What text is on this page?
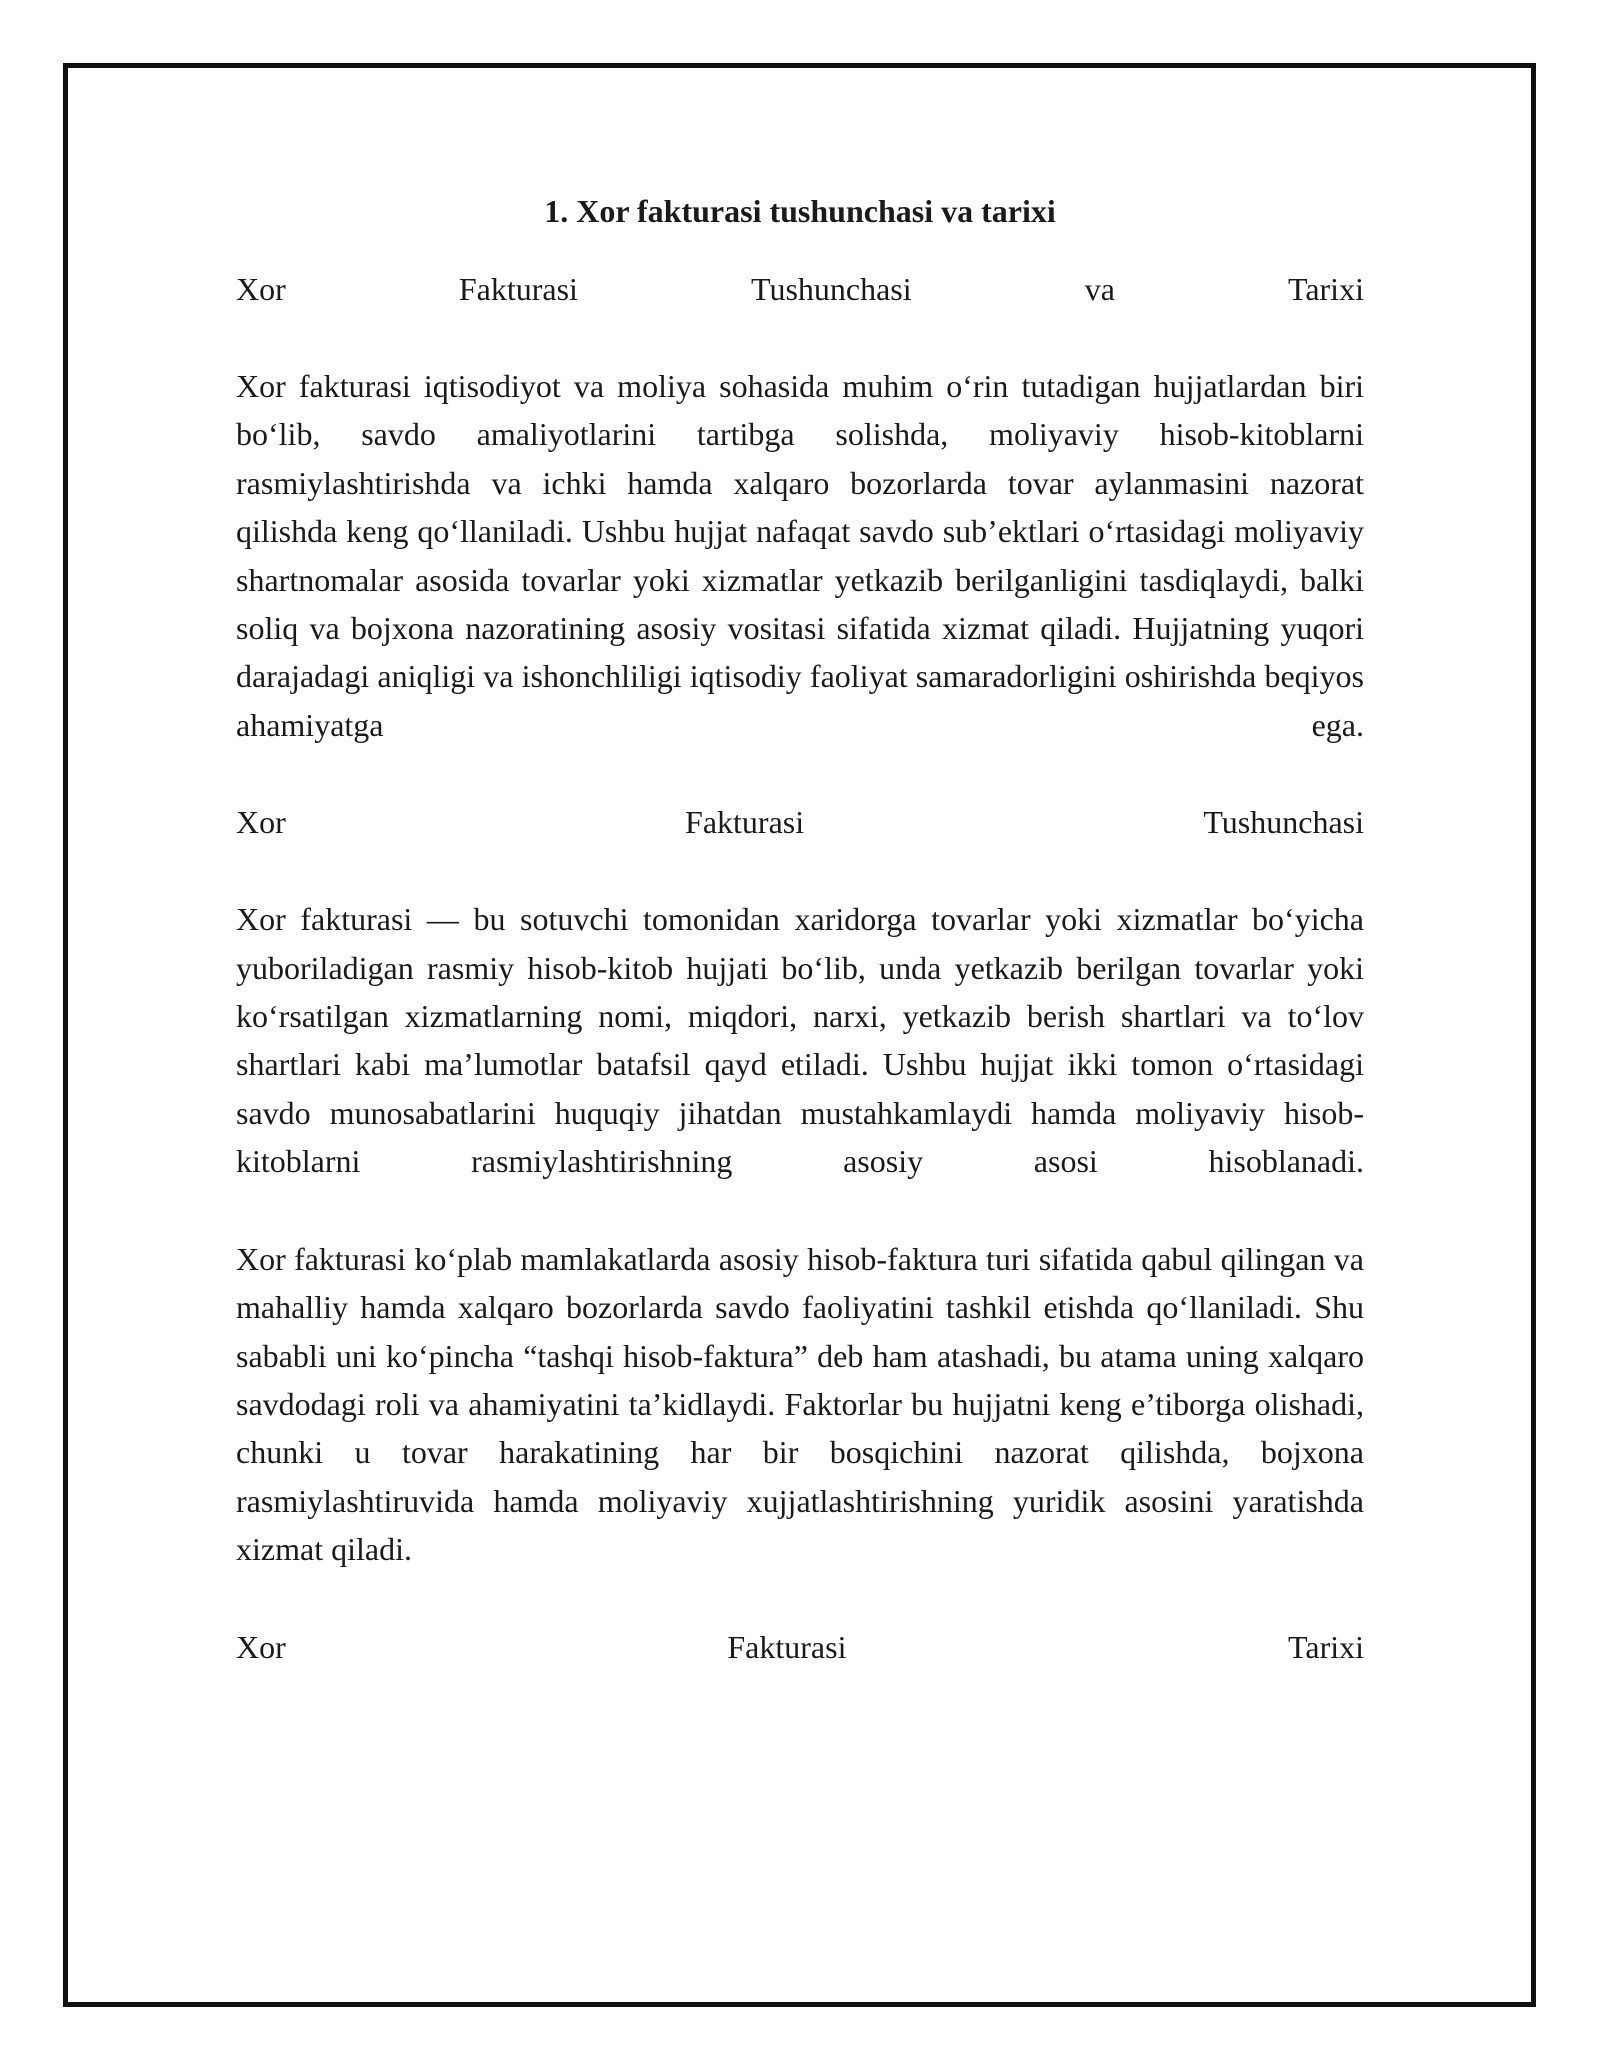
1. Xor fakturasi tushunchasi va tarixi
Xor	Fakturasi	Tushunchasi	va	Tarixi

Xor fakturasi iqtisodiyot va moliya sohasida muhim o‘rin tutadigan hujjatlardan biri bo‘lib, savdo amaliyotlarini tartibga solishda, moliyaviy hisob-kitoblarni rasmiylashtirishda va ichki hamda xalqaro bozorlarda tovar aylanmasini nazorat qilishda keng qo‘llaniladi. Ushbu hujjat nafaqat savdo sub’ektlari o‘rtasidagi moliyaviy shartnomalar asosida tovarlar yoki xizmatlar yetkazib berilganligini tasdiqlaydi, balki soliq va bojxona nazoratining asosiy vositasi sifatida xizmat qiladi. Hujjatning yuqori darajadagi aniqligi va ishonchliligi iqtisodiy faoliyat samaradorligini oshirishda beqiyos ahamiyatga ega.

Xor	Fakturasi	Tushunchasi

Xor fakturasi — bu sotuvchi tomonidan xaridorga tovarlar yoki xizmatlar bo‘yicha yuboriladigan rasmiy hisob-kitob hujjati bo‘lib, unda yetkazib berilgan tovarlar yoki ko‘rsatilgan xizmatlarning nomi, miqdori, narxi, yetkazib berish shartlari va to‘lov shartlari kabi ma’lumotlar batafsil qayd etiladi. Ushbu hujjat ikki tomon o‘rtasidagi savdo munosabatlarini huquqiy jihatdan mustahkamlaydi hamda moliyaviy hisob-kitoblarni rasmiylashtirishning asosiy asosi hisoblanadi.

Xor fakturasi ko‘plab mamlakatlarda asosiy hisob-faktura turi sifatida qabul qilingan va mahalliy hamda xalqaro bozorlarda savdo faoliyatini tashkil etishda qo‘llaniladi. Shu sababli uni ko‘pincha “tashqi hisob-faktura” deb ham atashadi, bu atama uning xalqaro savdodagi roli va ahamiyatini ta’kidlaydi. Faktorlar bu hujjatni keng e’tiborga olishadi, chunki u tovar harakatining har bir bosqichini nazorat qilishda, bojxona rasmiylashtiruvida hamda moliyaviy xujjatlashtirishning yuridik asosini yaratishda xizmat qiladi.

Xor	Fakturasi	Tarixi
